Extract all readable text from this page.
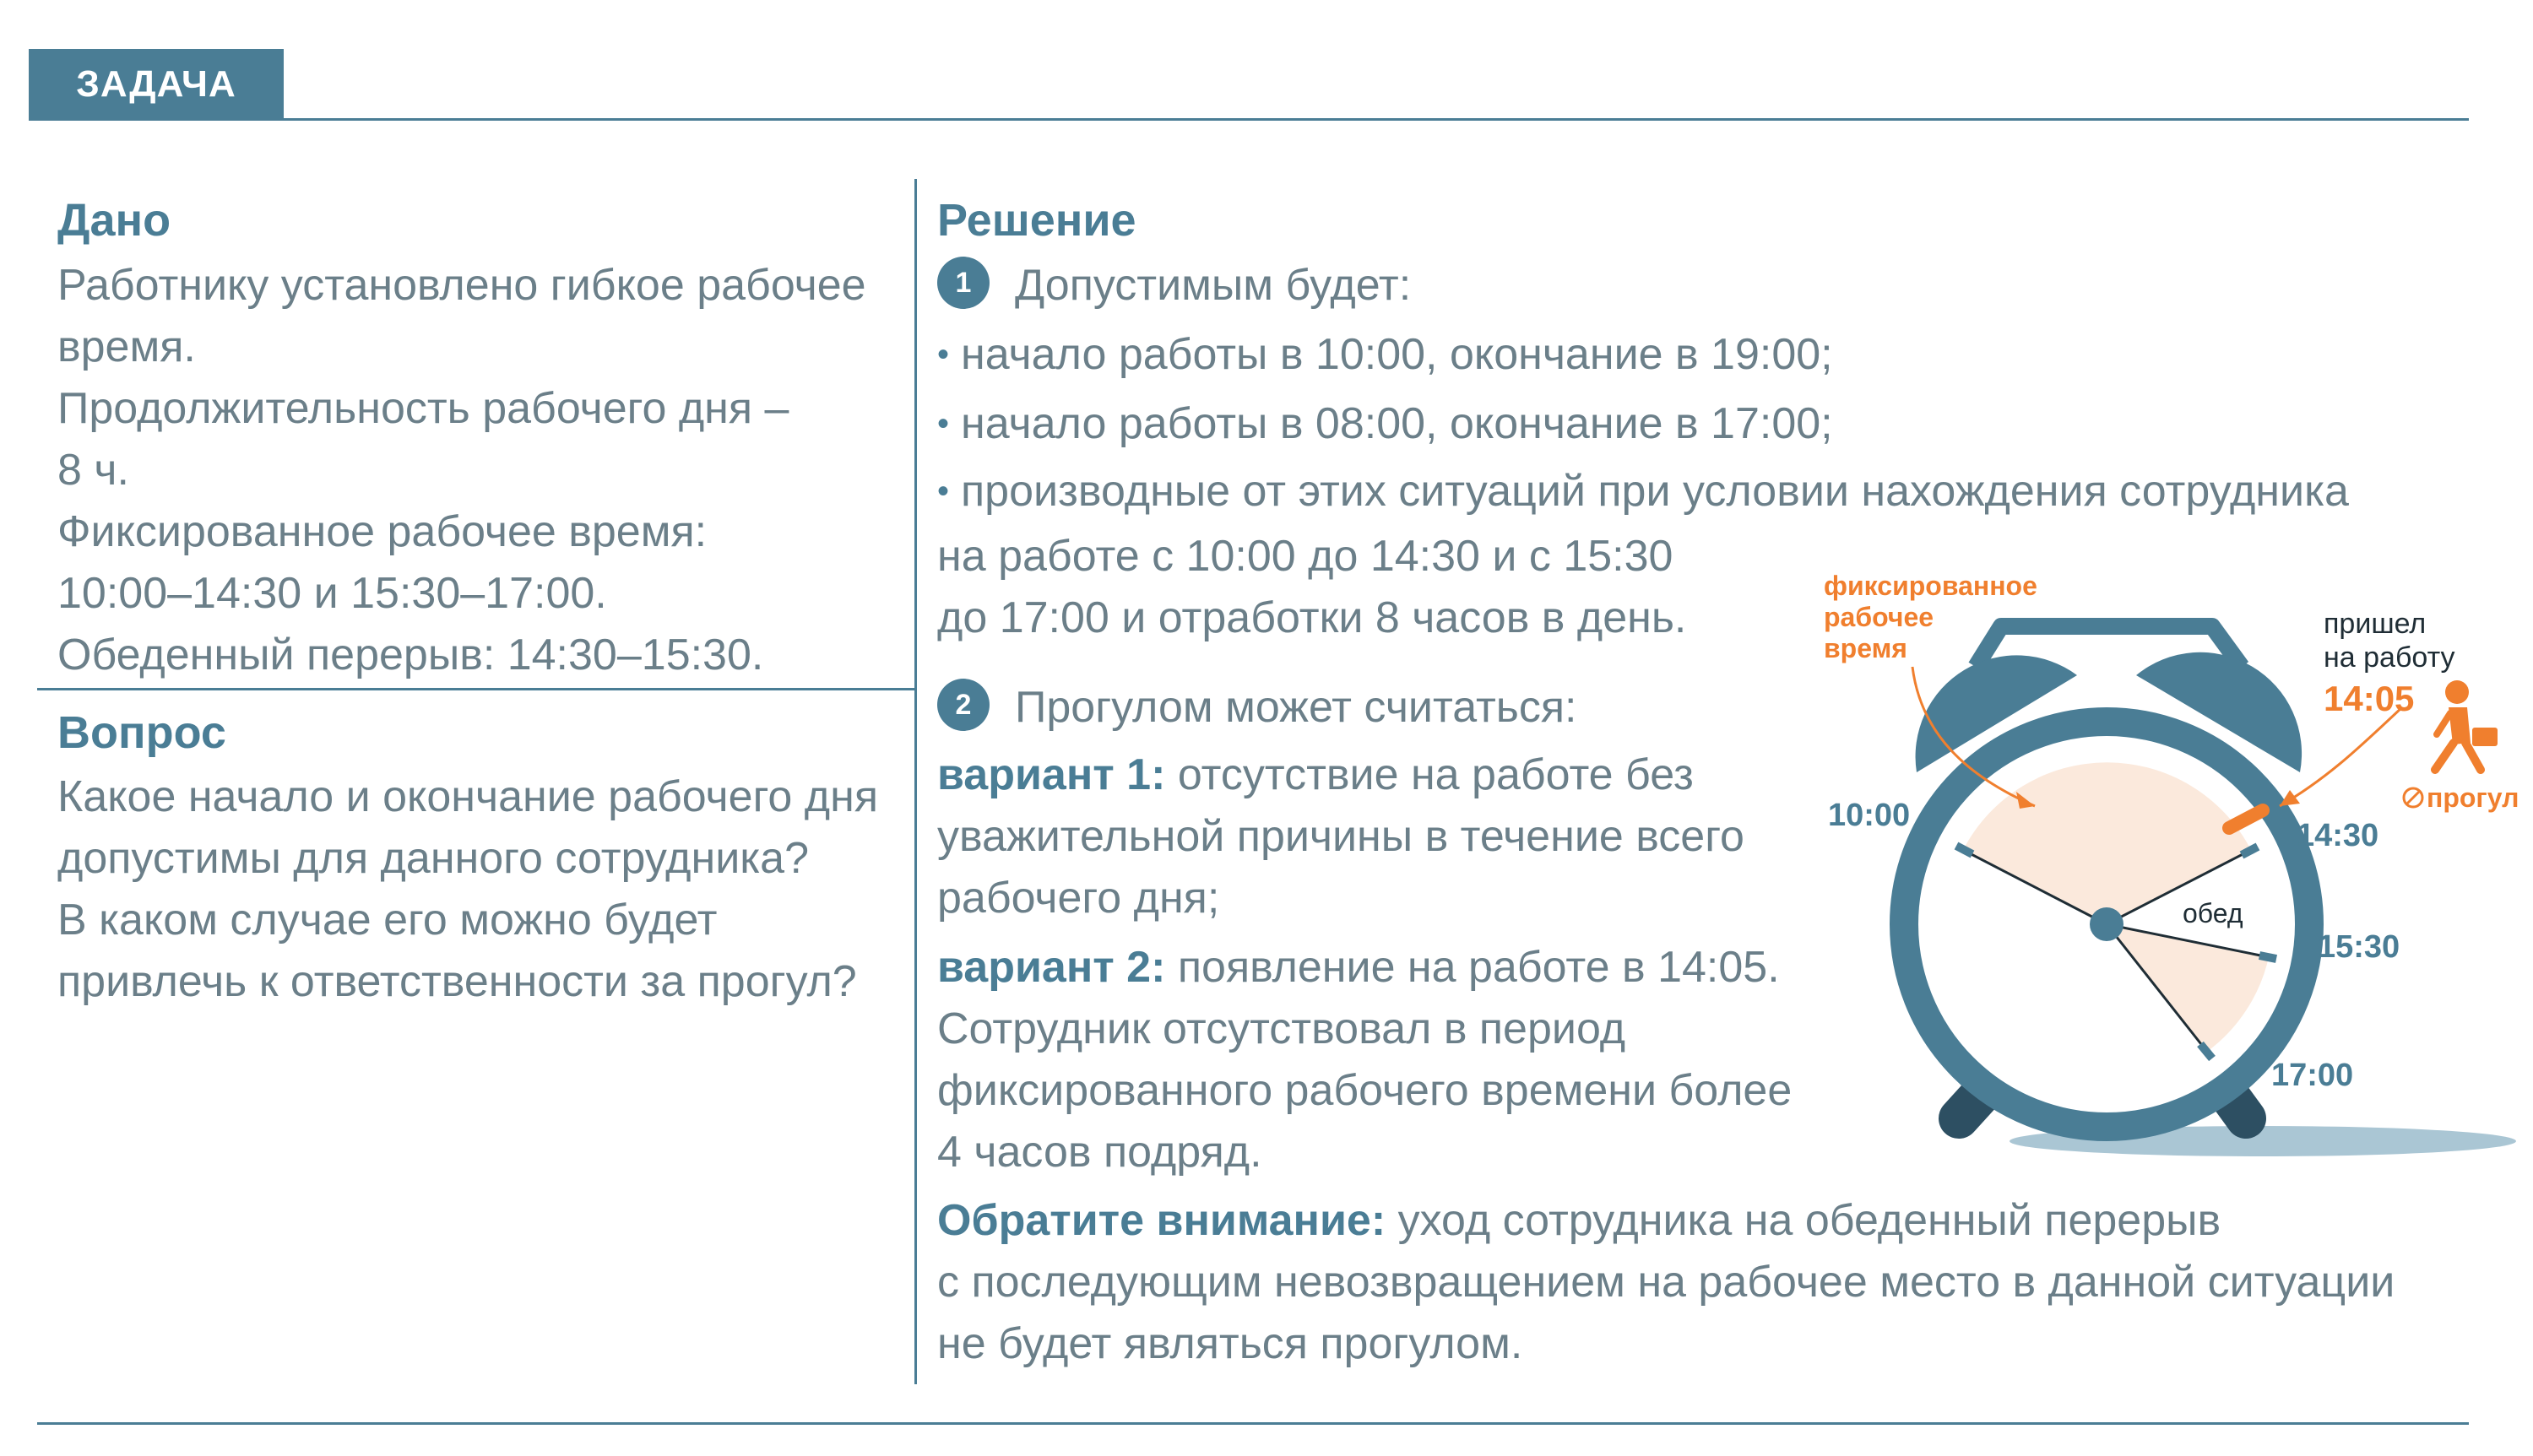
ЗАДАЧА
Дано
Работнику установлено гибкое рабочее
время.
Продолжительность рабочего дня –
8 ч.
Фиксированное рабочее время:
10:00–14:30 и 15:30–17:00.
Обеденный перерыв: 14:30–15:30.
Вопрос
Какое начало и окончание рабочего дня
допустимы для данного сотрудника?
В каком случае его можно будет
привлечь к ответственности за прогул?
Решение
1 Допустимым будет:
• начало работы в 10:00, окончание в 19:00;
• начало работы в 08:00, окончание в 17:00;
• производные от этих ситуаций при условии нахождения сотрудника
на работе с 10:00 до 14:30 и с 15:30
до 17:00 и отработки 8 часов в день.
2 Прогулом может считаться:
вариант 1: отсутствие на работе без
уважительной причины в течение всего
рабочего дня;
вариант 2: появление на работе в 14:05.
Сотрудник отсутствовал в период
фиксированного рабочего времени более
4 часов подряд.
Обратите внимание: уход сотрудника на обеденный перерыв
с последующим невозвращением на рабочее место в данной ситуации
не будет являться прогулом.
фиксированное
рабочее
время
пришел
на работу
14:05
прогул
10:00
14:30
15:30
17:00
обед
